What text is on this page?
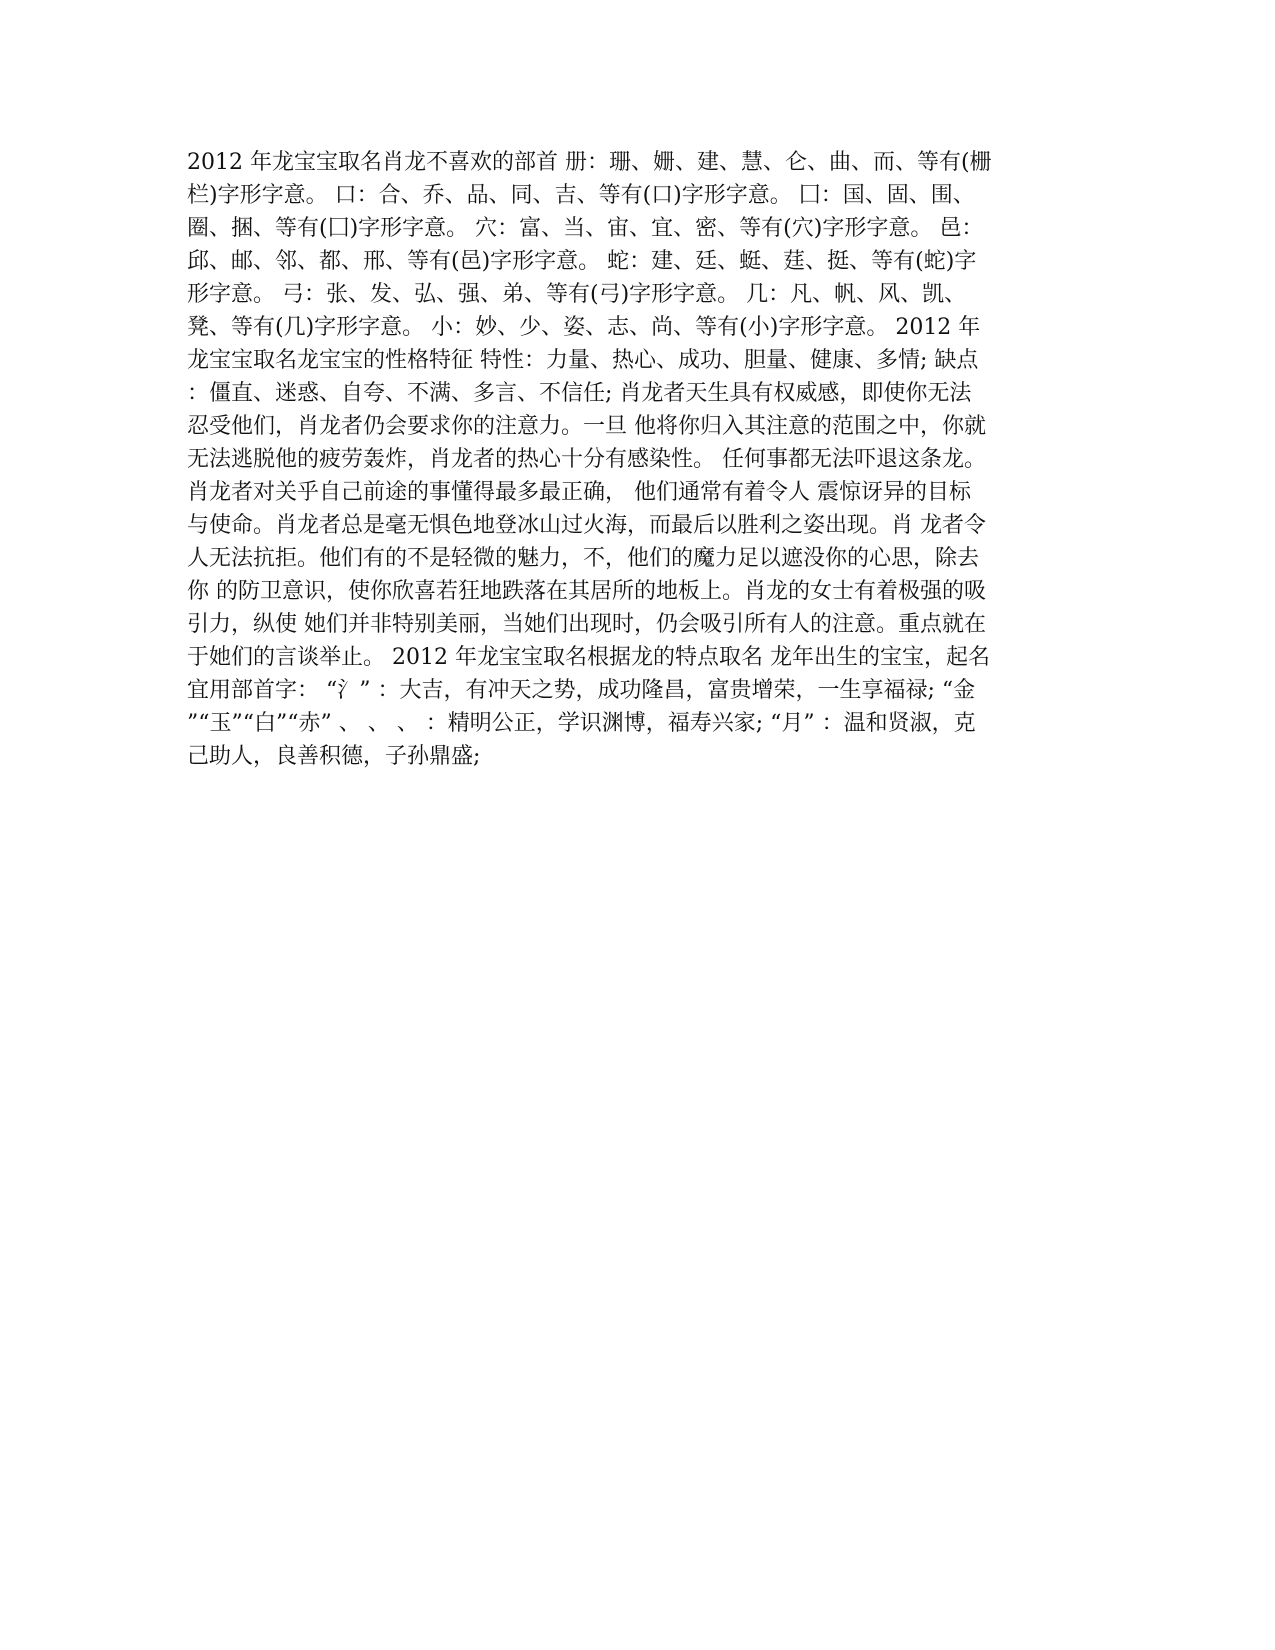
2012 年龙宝宝取名肖龙不喜欢的部首 册：珊、姗、建、慧、仑、曲、而、等有(栅
栏)字形字意。 口：合、乔、品、同、吉、等有(口)字形字意。 囗：国、固、围、
圈、捆、等有(囗)字形字意。 穴：富、当、宙、宜、密、等有(穴)字形字意。 邑：
邱、邮、邻、都、邢、等有(邑)字形字意。 蛇：建、廷、蜓、莛、挺、等有(蛇)字
形字意。 弓：张、发、弘、强、弟、等有(弓)字形字意。 几：凡、帆、风、凯、
凳、等有(几)字形字意。 小：妙、少、姿、志、尚、等有(小)字形字意。 2012 年
龙宝宝取名龙宝宝的性格特征 特性：力量、热心、成功、胆量、健康、多情; 缺点
：僵直、迷惑、自夸、不满、多言、不信任; 肖龙者天生具有权威感，即使你无法
忍受他们，肖龙者仍会要求你的注意力。一旦 他将你归入其注意的范围之中，你就
无法逃脱他的疲劳轰炸，肖龙者的热心十分有感染性。 任何事都无法吓退这条龙。
肖龙者对关乎自己前途的事懂得最多最正确， 他们通常有着令人 震惊讶异的目标
与使命。肖龙者总是毫无惧色地登冰山过火海，而最后以胜利之姿出现。肖 龙者令
人无法抗拒。他们有的不是轻微的魅力，不，他们的魔力足以遮没你的心思，除去
你 的防卫意识，使你欣喜若狂地跌落在其居所的地板上。肖龙的女士有着极强的吸
引力，纵使 她们并非特别美丽，当她们出现时，仍会吸引所有人的注意。重点就在
于她们的言谈举止。 2012 年龙宝宝取名根据龙的特点取名 龙年出生的宝宝，起名
宜用部首字： “氵” ：大吉，有冲天之势，成功隆昌，富贵增荣，一生享福禄; “金
”“玉”“白”“赤” 、 、 、 ：精明公正，学识渊博，福寿兴家; “月” ：温和贤淑，克
己助人，良善积德，子孙鼎盛;
